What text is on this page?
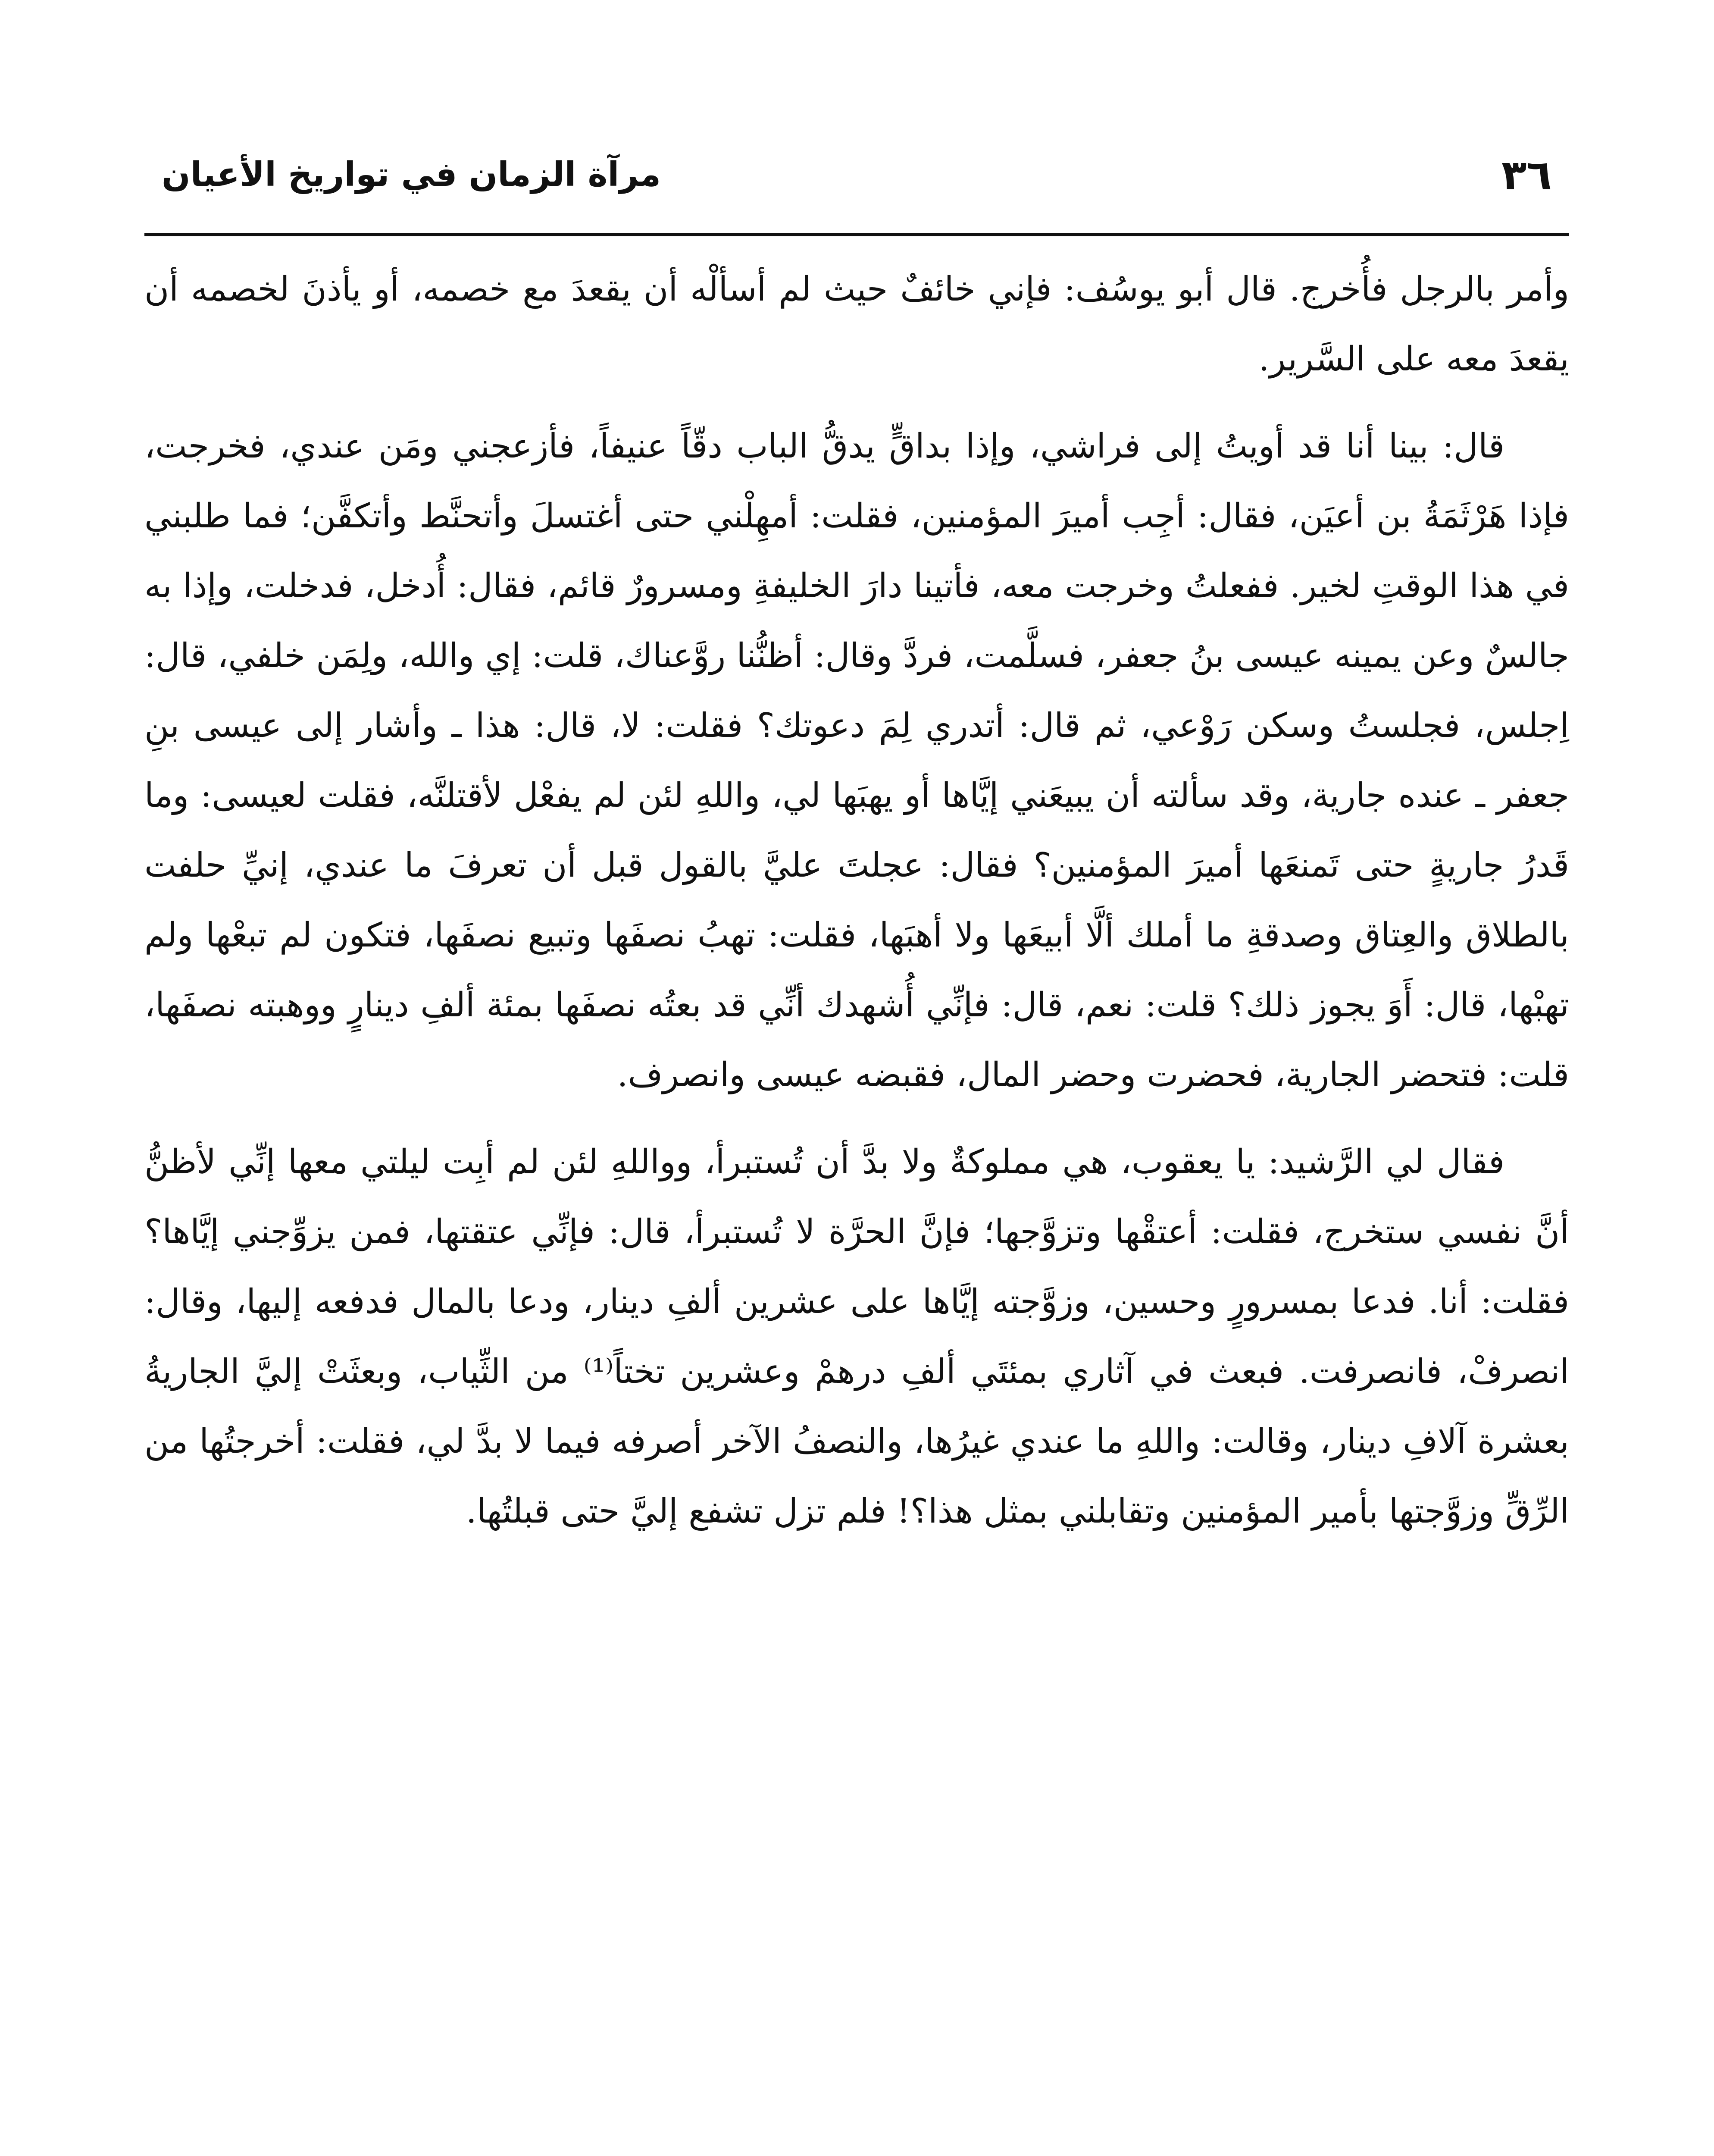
٣٦
مرآة الزمان في تواريخ الأعيان

وأمر بالرجل فأُخرج. قال أبو يوسُف: فإني خائفٌ حيث لم أسألْه أن يقعدَ مع خصمه، أو يأذنَ لخصمه أن يقعدَ معه على السَّرير.

قال: بينا أنا قد أويتُ إلى فراشي، وإذا بداقٍّ يدقُّ الباب دقّاً عنيفاً، فأزعجني ومَن عندي، فخرجت، فإذا هَرْثَمَةُ بن أعيَن، فقال: أجِب أميرَ المؤمنين، فقلت: أمهِلْني حتى أغتسلَ وأتحنَّط وأتكفَّن؛ فما طلبني في هذا الوقتِ لخير. ففعلتُ وخرجت معه، فأتينا دارَ الخليفةِ ومسرورٌ قائم، فقال: أُدخل، فدخلت، وإذا به جالسٌ وعن يمينه عيسى بنُ جعفر، فسلَّمت، فردَّ وقال: أظنُّنا روَّعناك، قلت: إي والله، ولِمَن خلفي، قال: اِجلس، فجلستُ وسكن رَوْعي، ثم قال: أتدري لِمَ دعوتك؟ فقلت: لا، قال: هذا ـ وأشار إلى عيسى بنِ جعفر ـ عنده جارية، وقد سألته أن يبيعَني إيَّاها أو يهبَها لي، واللهِ لئن لم يفعْل لأقتلنَّه، فقلت لعيسى: وما قَدرُ جاريةٍ حتى تَمنعَها أميرَ المؤمنين؟ فقال: عجلتَ عليَّ بالقول قبل أن تعرفَ ما عندي، إنيِّ حلفت بالطلاق والعِتاق وصدقةِ ما أملك ألَّا أبيعَها ولا أهبَها، فقلت: تهبُ نصفَها وتبيع نصفَها، فتكون لم تبعْها ولم تهبْها، قال: أَوَ يجوز ذلك؟ قلت: نعم، قال: فإنِّي أُشهدك أنِّي قد بعتُه نصفَها بمئة ألفِ دينارٍ ووهبته نصفَها، قلت: فتحضر الجارية، فحضرت وحضر المال، فقبضه عيسى وانصرف.

فقال لي الرَّشيد: يا يعقوب، هي مملوكةٌ ولا بدَّ أن تُستبرأ، وواللهِ لئن لم أبِت ليلتي معها إنِّي لأظنُّ أنَّ نفسي ستخرج، فقلت: أعتقْها وتزوَّجها؛ فإنَّ الحرَّة لا تُستبرأ، قال: فإنِّي عتقتها، فمن يزوِّجني إيَّاها؟ فقلت: أنا. فدعا بمسرورٍ وحسين، وزوَّجته إيَّاها على عشرين ألفِ دينار، ودعا بالمال فدفعه إليها، وقال: انصرفْ، فانصرفت. فبعث في آثاري بمئتَي ألفِ درهمْ وعشرين تختاً⁽¹⁾ من الثِّياب، وبعثَتْ إليَّ الجاريةُ بعشرة آلافِ دينار، وقالت: واللهِ ما عندي غيرُها، والنصفُ الآخر أصرفه فيما لا بدَّ لي، فقلت: أخرجتُها من الرِّقِّ وزوَّجتها بأمير المؤمنين وتقابلني بمثل هذا؟! فلم تزل تشفع إليَّ حتى قبلتُها.
